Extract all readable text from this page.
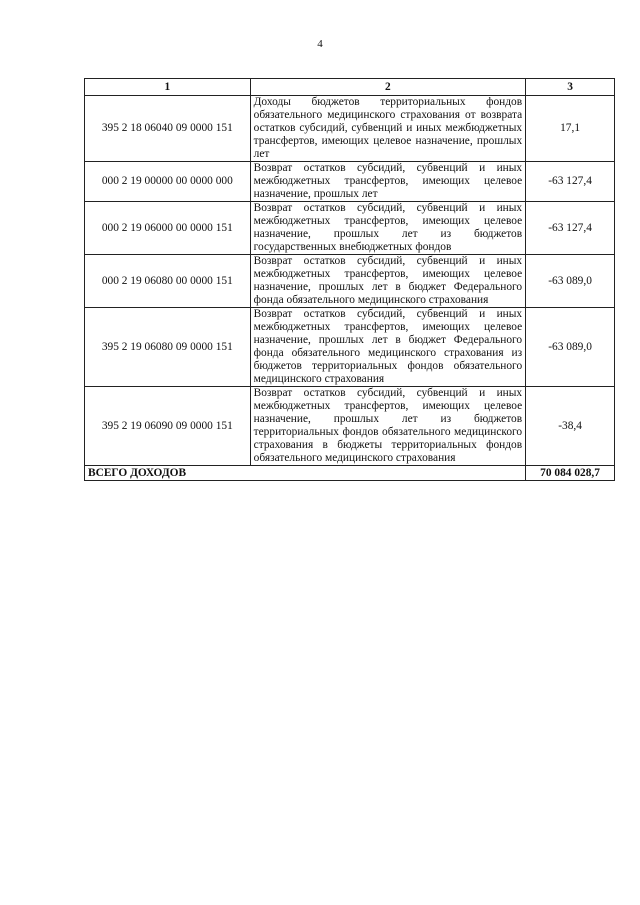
4
1	2	3
395 2 18 06040 09 0000 151	Доходы бюджетов территориальных фондов обязательного медицинского страхования от возврата остатков субсидий, субвенций и иных межбюджетных трансфертов, имеющих целевое назначение, прошлых лет	17,1
000 2 19 00000 00 0000 000	Возврат остатков субсидий, субвенций и иных межбюджетных трансфертов, имеющих целевое назначение, прошлых лет	-63 127,4
000 2 19 06000 00 0000 151	Возврат остатков субсидий, субвенций и иных межбюджетных трансфертов, имеющих целевое назначение, прошлых лет из бюджетов государственных внебюджетных фондов	-63 127,4
000 2 19 06080 00 0000 151	Возврат остатков субсидий, субвенций и иных межбюджетных трансфертов, имеющих целевое назначение, прошлых лет в бюджет Федерального фонда обязательного медицинского страхования	-63 089,0
395 2 19 06080 09 0000 151	Возврат остатков субсидий, субвенций и иных межбюджетных трансфертов, имеющих целевое назначение, прошлых лет в бюджет Федерального фонда обязательного медицинского страхования из бюджетов территориальных фондов обязательного медицинского страхования	-63 089,0
395 2 19 06090 09 0000 151	Возврат остатков субсидий, субвенций и иных межбюджетных трансфертов, имеющих целевое назначение, прошлых лет из бюджетов территориальных фондов обязательного медицинского страхования в бюджеты территориальных фондов обязательного медицинского страхования	-38,4
ВСЕГО ДОХОДОВ		70 084 028,7
